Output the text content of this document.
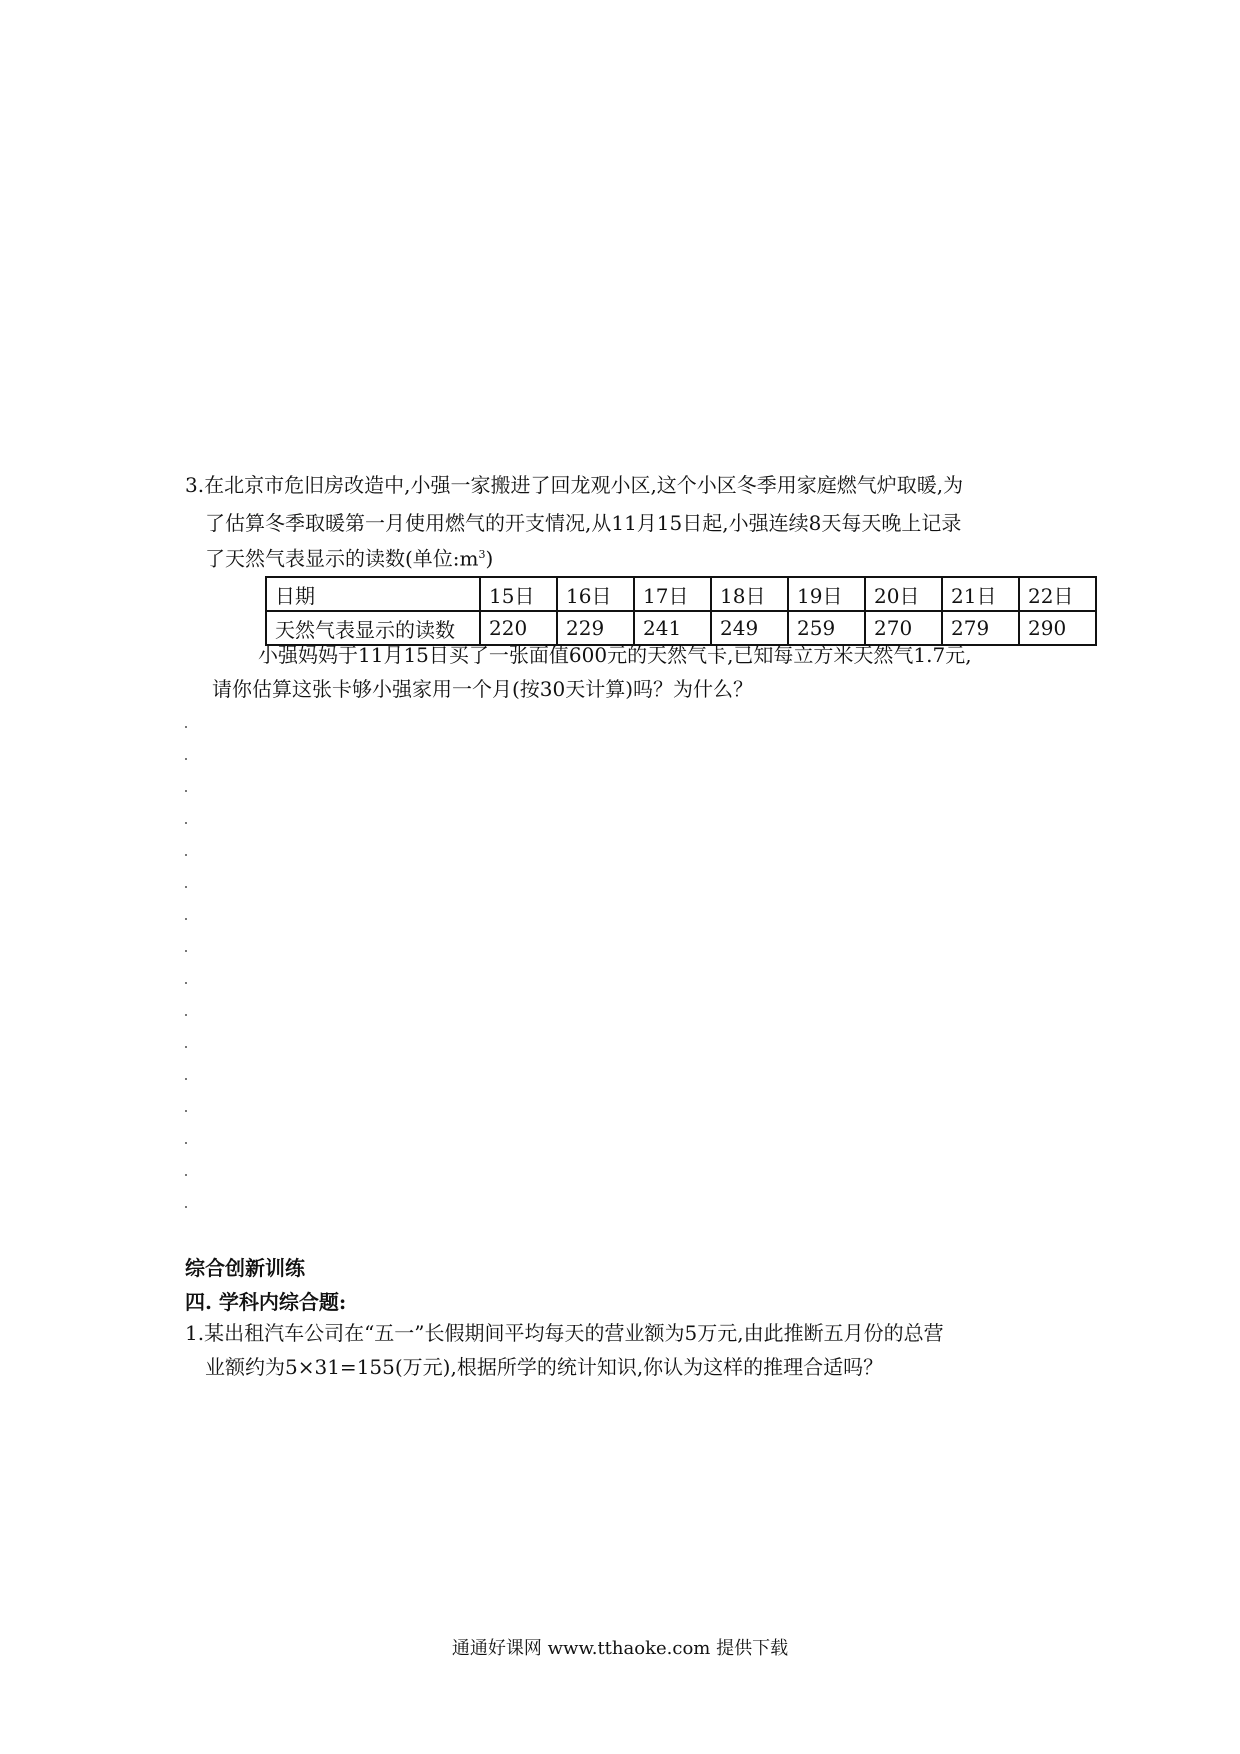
3.在北京市危旧房改造中,小强一家搬进了回龙观小区,这个小区冬季用家庭燃气炉取暖,为

了估算冬季取暖第一月使用燃气的开支情况,从11月15日起,小强连续8天每天晚上记录

了天然气表显示的读数(单位$:m^3$)

日期	15日	16日	17日	18日	19日	20日	21日	22日
天然气表显示的读数	220	229	241	249	259	270	279	290

小强妈妈于11月15日买了一张面值600元的天然气卡,已知每立方米天然气1.7元,

请你估算这张卡够小强家用一个月(按30天计算)吗？为什么？

综合创新训练
四. 学科内综合题:

1.某出租汽车公司在“五一”长假期间平均每天的营业额为5万元,由此推断五月份的总营

业额约为5×31=155(万元),根据所学的统计知识,你认为这样的推理合适吗？

通通好课网 www.tthaoke.com 提供下载
